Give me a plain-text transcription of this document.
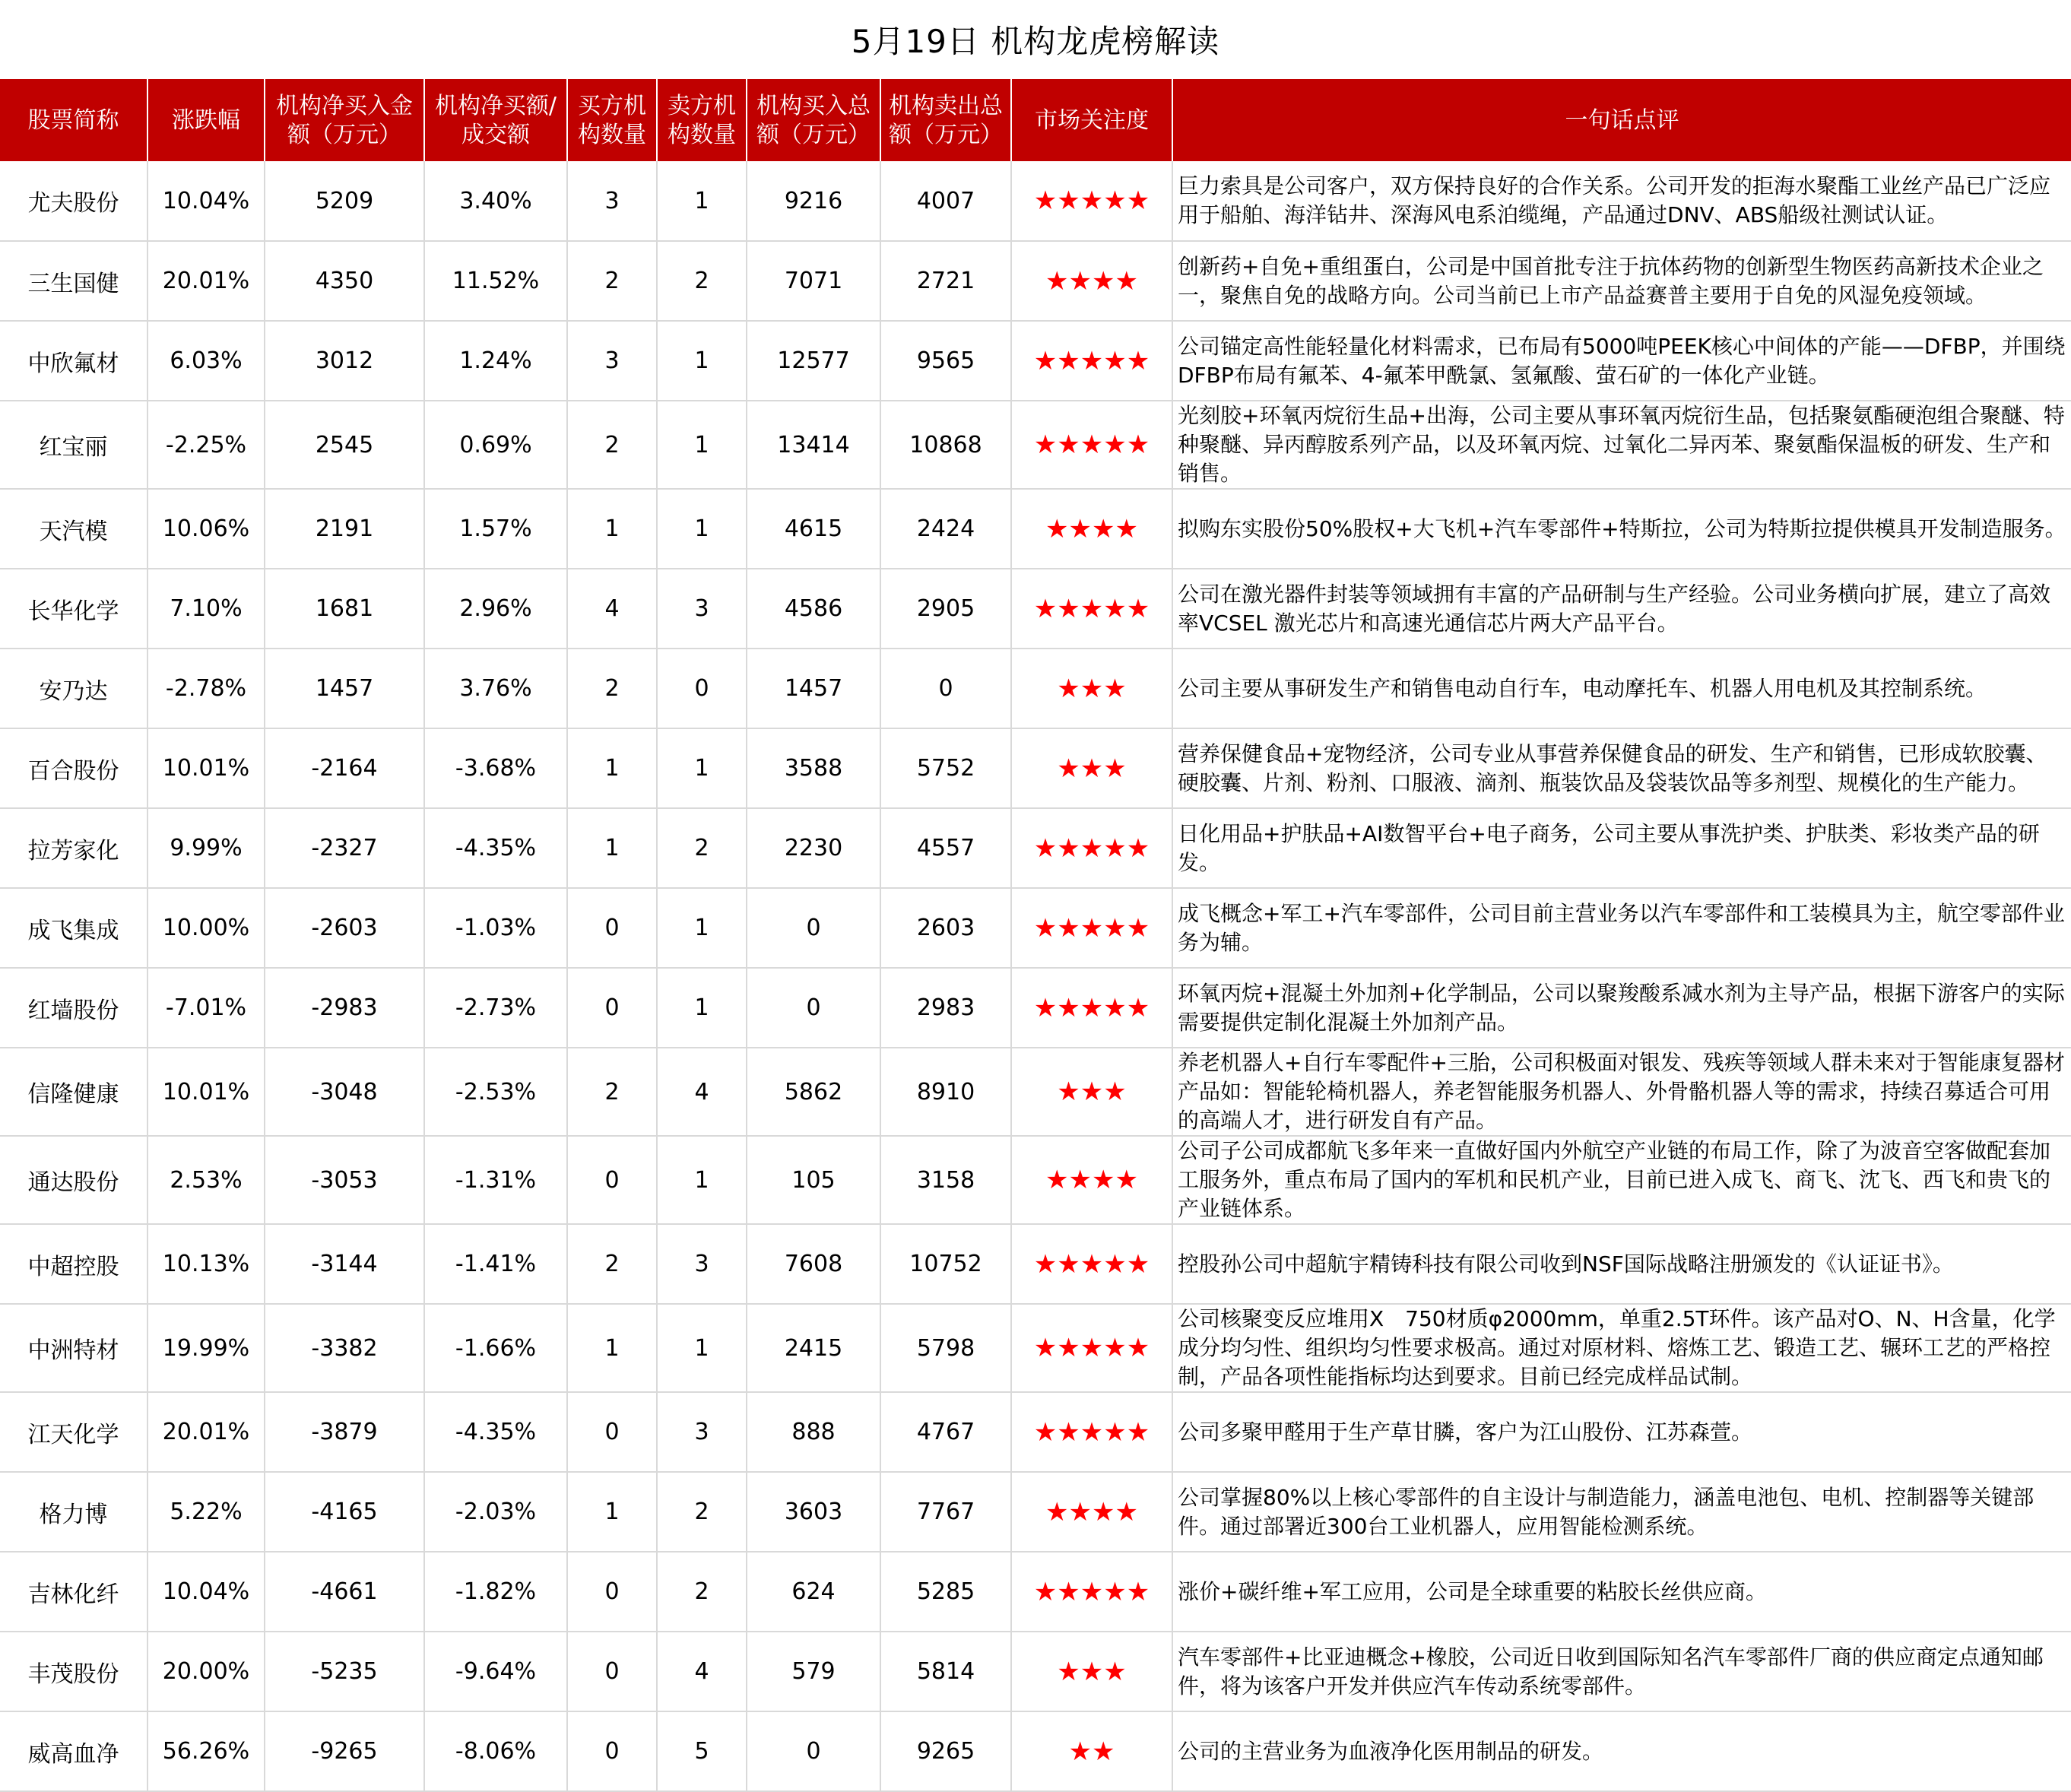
5月19日 机构龙虎榜解读
股票简称	涨跌幅	机构净买入金额（万元）	机构净买额/成交额	买方机构数量	卖方机构数量	机构买入总额（万元）	机构卖出总额（万元）	市场关注度	一句话点评
尤夫股份	10.04%	5209	3.40%	3	1	9216	4007	★★★★★	巨力索具是公司客户，双方保持良好的合作关系。公司开发的拒海水聚酯工业丝产品已广泛应用于船舶、海洋钻井、深海风电系泊缆绳，产品通过DNV、ABS船级社测试认证。
三生国健	20.01%	4350	11.52%	2	2	7071	2721	★★★★	创新药+自免+重组蛋白，公司是中国首批专注于抗体药物的创新型生物医药高新技术企业之一，聚焦自免的战略方向。公司当前已上市产品益赛普主要用于自免的风湿免疫领域。
中欣氟材	6.03%	3012	1.24%	3	1	12577	9565	★★★★★	公司锚定高性能轻量化材料需求，已布局有5000吨PEEK核心中间体的产能——DFBP，并围绕DFBP布局有氟苯、4-氟苯甲酰氯、氢氟酸、萤石矿的一体化产业链。
红宝丽	-2.25%	2545	0.69%	2	1	13414	10868	★★★★★	光刻胶+环氧丙烷衍生品+出海，公司主要从事环氧丙烷衍生品，包括聚氨酯硬泡组合聚醚、特种聚醚、异丙醇胺系列产品，以及环氧丙烷、过氧化二异丙苯、聚氨酯保温板的研发、生产和销售。
天汽模	10.06%	2191	1.57%	1	1	4615	2424	★★★★	拟购东实股份50%股权+大飞机+汽车零部件+特斯拉，公司为特斯拉提供模具开发制造服务。
长华化学	7.10%	1681	2.96%	4	3	4586	2905	★★★★★	公司在激光器件封装等领域拥有丰富的产品研制与生产经验。公司业务横向扩展，建立了高效率VCSEL 激光芯片和高速光通信芯片两大产品平台。
安乃达	-2.78%	1457	3.76%	2	0	1457	0	★★★	公司主要从事研发生产和销售电动自行车，电动摩托车、机器人用电机及其控制系统。
百合股份	10.01%	-2164	-3.68%	1	1	3588	5752	★★★	营养保健食品+宠物经济，公司专业从事营养保健食品的研发、生产和销售，已形成软胶囊、硬胶囊、片剂、粉剂、口服液、滴剂、瓶装饮品及袋装饮品等多剂型、规模化的生产能力。
拉芳家化	9.99%	-2327	-4.35%	1	2	2230	4557	★★★★★	日化用品+护肤品+AI数智平台+电子商务，公司主要从事洗护类、护肤类、彩妆类产品的研发。
成飞集成	10.00%	-2603	-1.03%	0	1	0	2603	★★★★★	成飞概念+军工+汽车零部件，公司目前主营业务以汽车零部件和工装模具为主，航空零部件业务为辅。
红墙股份	-7.01%	-2983	-2.73%	0	1	0	2983	★★★★★	环氧丙烷+混凝土外加剂+化学制品，公司以聚羧酸系减水剂为主导产品，根据下游客户的实际需要提供定制化混凝土外加剂产品。
信隆健康	10.01%	-3048	-2.53%	2	4	5862	8910	★★★	养老机器人+自行车零配件+三胎，公司积极面对银发、残疾等领域人群未来对于智能康复器材产品如：智能轮椅机器人，养老智能服务机器人、外骨骼机器人等的需求，持续召募适合可用的高端人才，进行研发自有产品。
通达股份	2.53%	-3053	-1.31%	0	1	105	3158	★★★★	公司子公司成都航飞多年来一直做好国内外航空产业链的布局工作，除了为波音空客做配套加工服务外，重点布局了国内的军机和民机产业，目前已进入成飞、商飞、沈飞、西飞和贵飞的产业链体系。
中超控股	10.13%	-3144	-1.41%	2	3	7608	10752	★★★★★	控股孙公司中超航宇精铸科技有限公司收到NSF国际战略注册颁发的《认证证书》。
中洲特材	19.99%	-3382	-1.66%	1	1	2415	5798	★★★★★	公司核聚变反应堆用X　750材质φ2000mm，单重2.5T环件。该产品对O、N、H含量，化学成分均匀性、组织均匀性要求极高。通过对原材料、熔炼工艺、锻造工艺、辗环工艺的严格控制，产品各项性能指标均达到要求。目前已经完成样品试制。
江天化学	20.01%	-3879	-4.35%	0	3	888	4767	★★★★★	公司多聚甲醛用于生产草甘膦，客户为江山股份、江苏森萱。
格力博	5.22%	-4165	-2.03%	1	2	3603	7767	★★★★	公司掌握80%以上核心零部件的自主设计与制造能力，涵盖电池包、电机、控制器等关键部件。通过部署近300台工业机器人，应用智能检测系统。
吉林化纤	10.04%	-4661	-1.82%	0	2	624	5285	★★★★★	涨价+碳纤维+军工应用，公司是全球重要的粘胶长丝供应商。
丰茂股份	20.00%	-5235	-9.64%	0	4	579	5814	★★★	汽车零部件+比亚迪概念+橡胶，公司近日收到国际知名汽车零部件厂商的供应商定点通知邮件，将为该客户开发并供应汽车传动系统零部件。
威高血净	56.26%	-9265	-8.06%	0	5	0	9265	★★	公司的主营业务为血液净化医用制品的研发。
